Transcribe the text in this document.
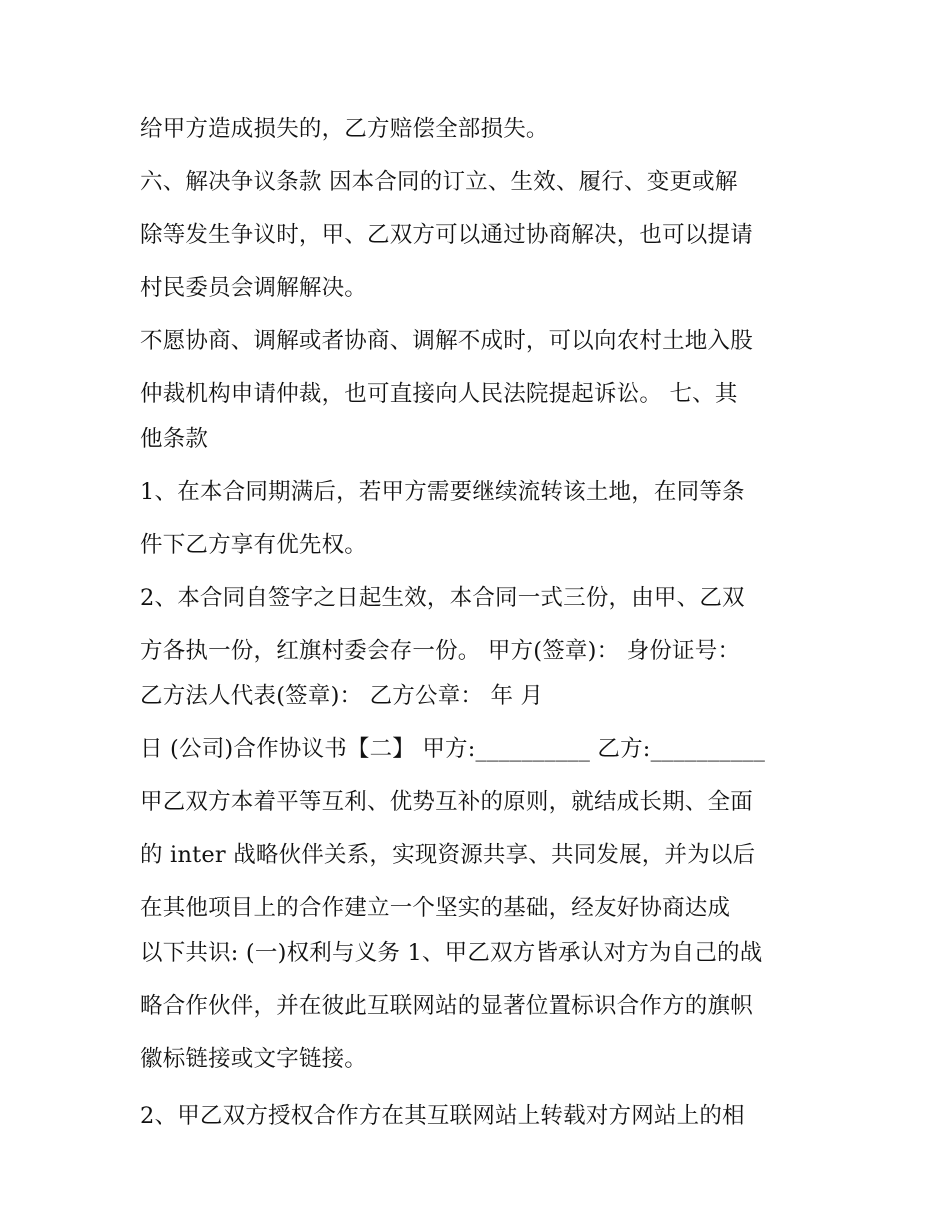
给甲方造成损失的，乙方赔偿全部损失。
六、解决争议条款 因本合同的订立、生效、履行、变更或解
除等发生争议时，甲、乙双方可以通过协商解决，也可以提请
村民委员会调解解决。
不愿协商、调解或者协商、调解不成时，可以向农村土地入股
仲裁机构申请仲裁，也可直接向人民法院提起诉讼。 七、其
他条款
1、在本合同期满后，若甲方需要继续流转该土地，在同等条
件下乙方享有优先权。
2、本合同自签字之日起生效，本合同一式三份，由甲、乙双
方各执一份，红旗村委会存一份。 甲方(签章)： 身份证号：
乙方法人代表(签章)： 乙方公章： 年 月
日 (公司)合作协议书【二】 甲方:__________ 乙方:__________
甲乙双方本着平等互利、优势互补的原则，就结成长期、全面
的 inter 战略伙伴关系，实现资源共享、共同发展，并为以后
在其他项目上的合作建立一个坚实的基础，经友好协商达成
以下共识: (一)权利与义务 1、甲乙双方皆承认对方为自己的战
略合作伙伴，并在彼此互联网站的显著位置标识合作方的旗帜
徽标链接或文字链接。
2、甲乙双方授权合作方在其互联网站上转载对方网站上的相
